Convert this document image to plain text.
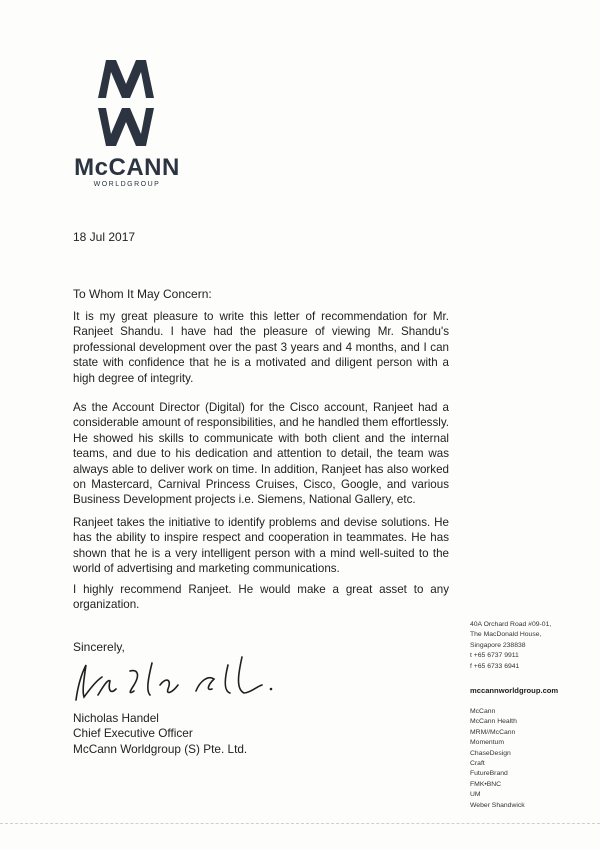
McCANN
WORLDGROUP
18 Jul 2017
To Whom It May Concern:

It is my great pleasure to write this letter of recommendation for Mr. Ranjeet Shandu. I have had the pleasure of viewing Mr. Shandu's professional development over the past 3 years and 4 months, and I can state with confidence that he is a motivated and diligent person with a high degree of integrity.

As the Account Director (Digital) for the Cisco account, Ranjeet had a considerable amount of responsibilities, and he handled them effortlessly. He showed his skills to communicate with both client and the internal teams, and due to his dedication and attention to detail, the team was always able to deliver work on time. In addition, Ranjeet has also worked on Mastercard, Carnival Princess Cruises, Cisco, Google, and various Business Development projects i.e. Siemens, National Gallery, etc.

Ranjeet takes the initiative to identify problems and devise solutions. He has the ability to inspire respect and cooperation in teammates. He has shown that he is a very intelligent person with a mind well-suited to the world of advertising and marketing communications.

I highly recommend Ranjeet. He would make a great asset to any organization.

Sincerely,
Nicholas Handel
Chief Executive Officer
McCann Worldgroup (S) Pte. Ltd.
40A Orchard Road #09-01,
The MacDonald House,
Singapore 238838
t +65 6737 9911
f +65 6733 6941
mccannworldgroup.com
McCann
McCann Health
MRM//McCann
Momentum
ChaseDesign
Craft
FutureBrand
FMK•BNC
UM
Weber Shandwick
